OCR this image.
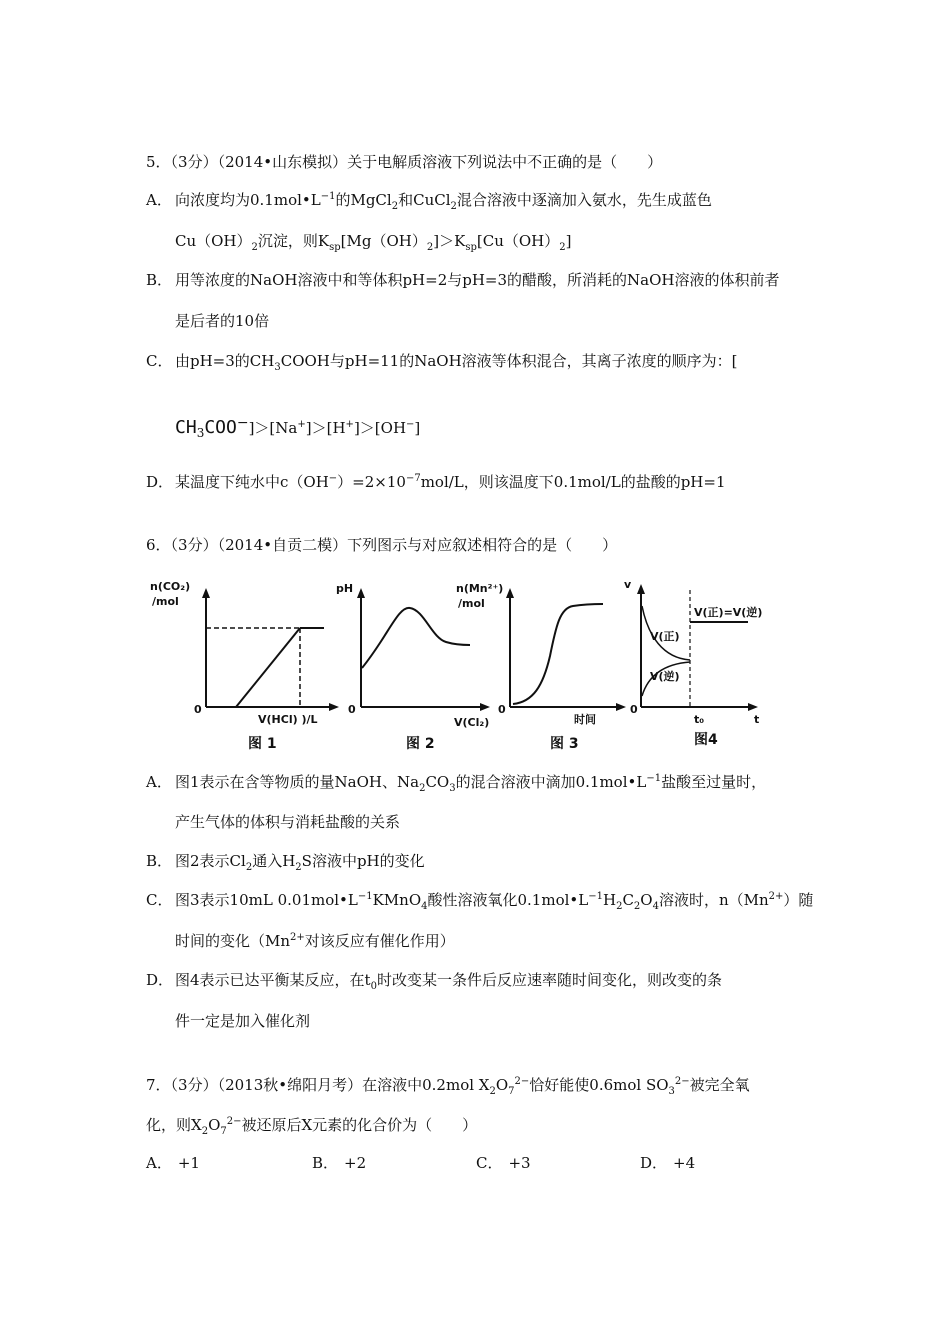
5．（3分）（2014•山东模拟）关于电解质溶液下列说法中不正确的是（　　）
A． 向浓度均为$0.1mol•L^{-1}$的MgCl$_2$和CuCl$_2$混合溶液中逐滴加入氨水，先生成蓝色
$Cu(OH)_2$沉淀，则$K_{sp}[Mg(OH)_2]>K_{sp}[Cu(OH)_2]$
B． 用等浓度的NaOH溶液中和等体积pH=2与pH=3的醋酸，所消耗的NaOH溶液的体积前者
是后者的10倍
C． 由pH=3的$CH_3COOH$与pH=11的NaOH溶液等体积混合，其离子浓度的顺序为：[
$CH_3COO^-]>[Na^+]>[H^+]>[OH^-]$
D． 某温度下纯水中$c(OH^-)=2\times 10^{-7}mol/L$，则该温度下0.1mol/L的盐酸的pH=1
6．（3分）（2014•自贡二模）下列图示与对应叙述相符合的是（　　）
n(CO₂)
/mol
0
V(HCl) )/L
图 1
pH
0
V(Cl₂)
图 2
n(Mn²⁺)
/mol
0
时间
图 3
v
0
t
t₀
V(正)=V(逆)
V(正)
V(逆)
图4
A． 图1表示在含等物质的量NaOH、$Na_2CO_3$的混合溶液中滴加$0.1mol•L^{-1}$盐酸至过量时，
产生气体的体积与消耗盐酸的关系
B． 图2表示$Cl_2$通入$H_2S$溶液中pH的变化
C． 图3表示10mL $0.01mol•L^{-1}KMnO_4$酸性溶液氧化$0.1mol•L^{-1}H_2C_2O_4$溶液时，$n(Mn^{2+})$随
时间的变化（$Mn^{2+}$对该反应有催化作用）
D． 图4表示已达平衡某反应，在$t_0$时改变某一条件后反应速率随时间变化，则改变的条
件一定是加入催化剂
7．（3分）（2013秋•绵阳月考）在溶液中0.2mol $X_2O_7^{2-}$恰好能使0.6mol $SO_3^{2-}$被完全氧
化，则$X_2O_7^{2-}$被还原后X元素的化合价为（　　）
A． +1	B． +2	C． +3	D． +4
